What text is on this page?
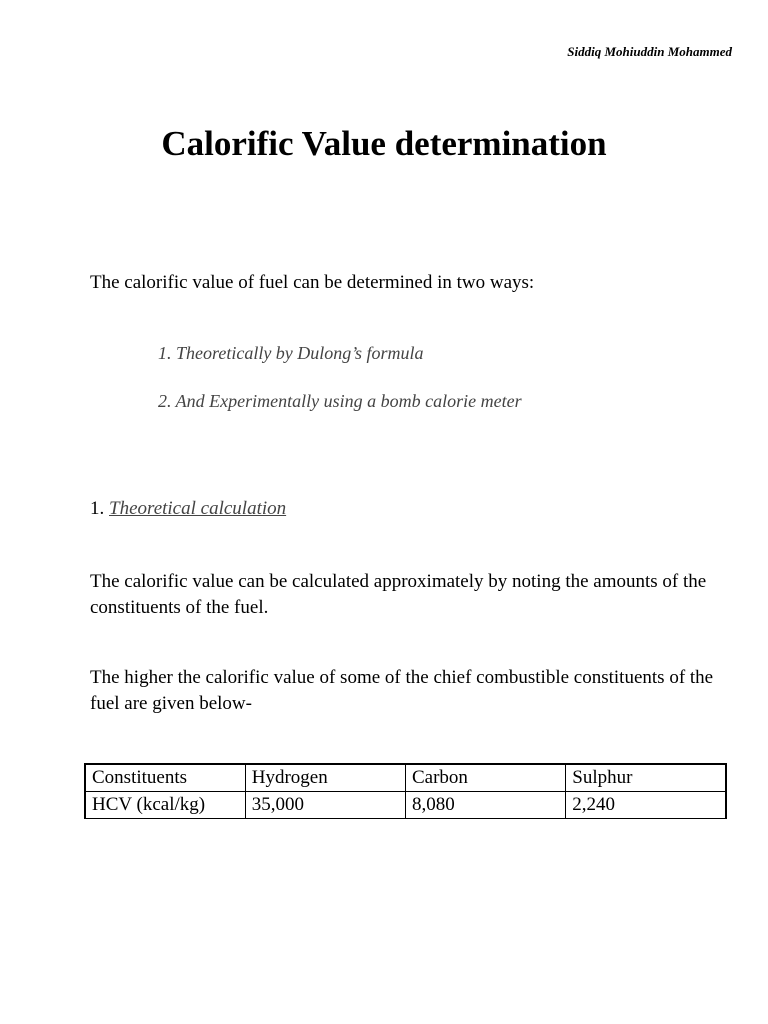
Siddiq Mohiuddin Mohammed
Calorific Value determination
The calorific value of fuel can be determined in two ways:
1. Theoretically by Dulong’s formula
2. And Experimentally using a bomb calorie meter
1. Theoretical calculation

The calorific value can be calculated approximately by noting the amounts of the constituents of the fuel.

The higher the calorific value of some of the chief combustible constituents of the fuel are given below-

Constituents	Hydrogen	Carbon	Sulphur
HCV (kcal/kg)	35,000	8,080	2,240
